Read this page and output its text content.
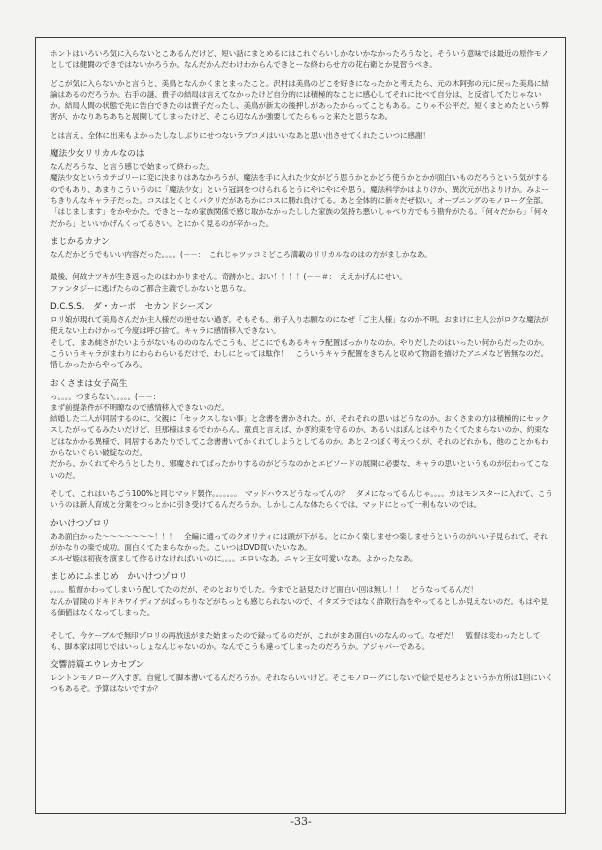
ホントはいろいろ気に入らないとこあるんだけど、短い話にまとめるにはこれぐらいしかないかなかったろうなと。そういう意味では最近の原作モノとしては健闘のできではないかろうか。なんだかんだわけわからんできとーな終わらせ方の花右衛とか見習うべき。

どこが気に入らないかと言うと、美鳥となんかくまとまったこと。沢村は美鳥のどこを好きになったかと考えたら、元の木阿弥の元に戻った美鳥に結論はあるのだろうか。右手の謎、貴子の結局は言えてなかったけど自分的には積極的なことに感心してそれに比べて自分は、と反省してたじゃないか。結局人間の状態で先に告白できたのは貴子だったし、美鳥が新太の後押しがあったからってこともある。こりゃ不公平だ。短くまとめたという弊害が、かなりあちあちと展開してしまったけど、そこら辺なんか強要してたらもっと来たと思うなあ。

とは言え、全体に出来もよかったしなしぶりにせつないラブコメはいいなあと思い出させてくれたこいつに感謝！

魔法少女リリカルなのは

なんだろうな、と言う感じで始まって終わった。
魔法少女というカテゴリーに変に決まりはあなかろうが、魔法を手に入れた少女がどう思うかとかどう使うかとかが面白いものだろうという気がするのでもあり、あまりこういうのに「魔法少女」という冠詞をつけられるとうにやにやにや思う。魔法科学かはよりけか、異次元が出よりけか。みよーちきりんなキャラ子だった。コスはとくとくパクリだがあちかにコスに勝れ負けてる。あと全体的に新々だぜ似い。オープニングのモノローグ全部。「はじまします」をかやかた。できとーなめ家族関係で感じ取かなかったしした家族の気持ち悪いしゃべり方でもう勘弁がたる。「何々だから」「何々だから」といいかげんくってるさい。とにかく見るのが辛かった。

まじかるカナン

なんだかどうでもいい内容だった。。。。(－－：　これじゃツッコミどころ満載のリリカルなのはの方がましかなあ。

最後、何故ナツキが生き返ったのはわかりません。奇跡かと。おい！！！！(－－＃：　ええかげんにせい。
ファンタジーに逃げたらのご都合主義でしかないと思うな。

D.C.S.S.　ダ・カーポ　セカンドシーズン

ロリ娘が現れて美鳥さんだか主人様だの逆せない過ぎ。そもそも、弟子入り志願なのになぜ「ご主人様」なのか不明。おまけに主人公がロクな魔法が使えない上わけかって今度は呼び捨て。キャラに感情移入できない。
そして、まあ純さがたいようがないものののなんでこうも、どこにでもあるキャラ配置ばっかりなのか。やりだしたのはいったい何からだったのか。
こういうキャラがまわりにわらわらいるだけで、わしにとっては駄作！　こういうキャラ配置をきちんと収めて物語を描けたアニメなど皆無なのだ。　惜しかったからやってみろ。

おくさまは女子高生

っ。。。。つまらない。。。。。(－－：
まず前提条件が不明瞭なので感情移入できないのだ。
結婚した二人が同居するのに、父親に「セックスしない事」と念書を書かされた。が、それそれの思いはどうなのか。おくさまの方は積極的にセックスしたがってるみたいだけど、旦那様はまるでわからん。童貞と言えば、かぎ約束を守るのか、あるいはぼんとはやりたくてたまらないのか、約束などはなかかる異様で、同居するあたりでしてこ念書書いてかくれてしようとしてるのか。あと２つぼく考えつくが、それのどれかも、他のことかもわからないぐらい破綻なのだ。
だから、かくれてやろうとしたり、邪魔されてばったかりするのがどうなのかとエピソードの展開に必要な、キャラの思いというものが伝わってこないのだ。

そして、これはいちごう100%と同じマッド製作。。。。。。。　マッドハウスどうなってんの？　ダメになってるんじゃ。。。。カはモンスターに入れて、こういうのは新人育成と分業をつっとかに引き受けてるんだろうか。しかしこんな体たらくでは、マッドにとって一利もないのでは。

かいけつゾロリ

ああ面白かった～～～～～～～！！！　全編に通ってのクオリティには頭が下がる。とにかく楽しませつ楽しませうというのがいい子見られて、それがかなりの楽で成功。面白くてたまらなかった。こいつはDVD買いたいなあ。
エルゼ姫は初夜を演まして作るけなければいいのに。。。。エロいなあ。ニャン王女可愛いなあ。よかったなあ。

まじめにふまじめ　かいけつゾロリ

。。。。監督かわってしまいう配してたのだが、そのとおりでした。今までと話見たけど面白い回は無し！！　どうなってるんだ！
なんか冒険のドキドキワイディアがばっちりなどがちっとも感じられないので、イタズラではなく詐欺行為をやってるとしか見えないのだ。もはや見る価値はなくなってしまった。

そして、今ケーブルで無印ゾロリの再放送がまた始まったので録ってるのだが、これがまあ面白いのなんのって。なぜだ！　監督は変わったとしても、脚本家は同じではいっしょなんじゃないのか。なんでこうも違ってしまったのだろうか。アジャパーである。

交響詩篇エウレカセブン

レントンモノローグ入すぎ。自覚して脚本書いてるんだろうか。それならいいけど。そこモノローグにしないで絵で見せろよというか方所は1回にいくつもあるぞ。予算はないですか？

-33-
